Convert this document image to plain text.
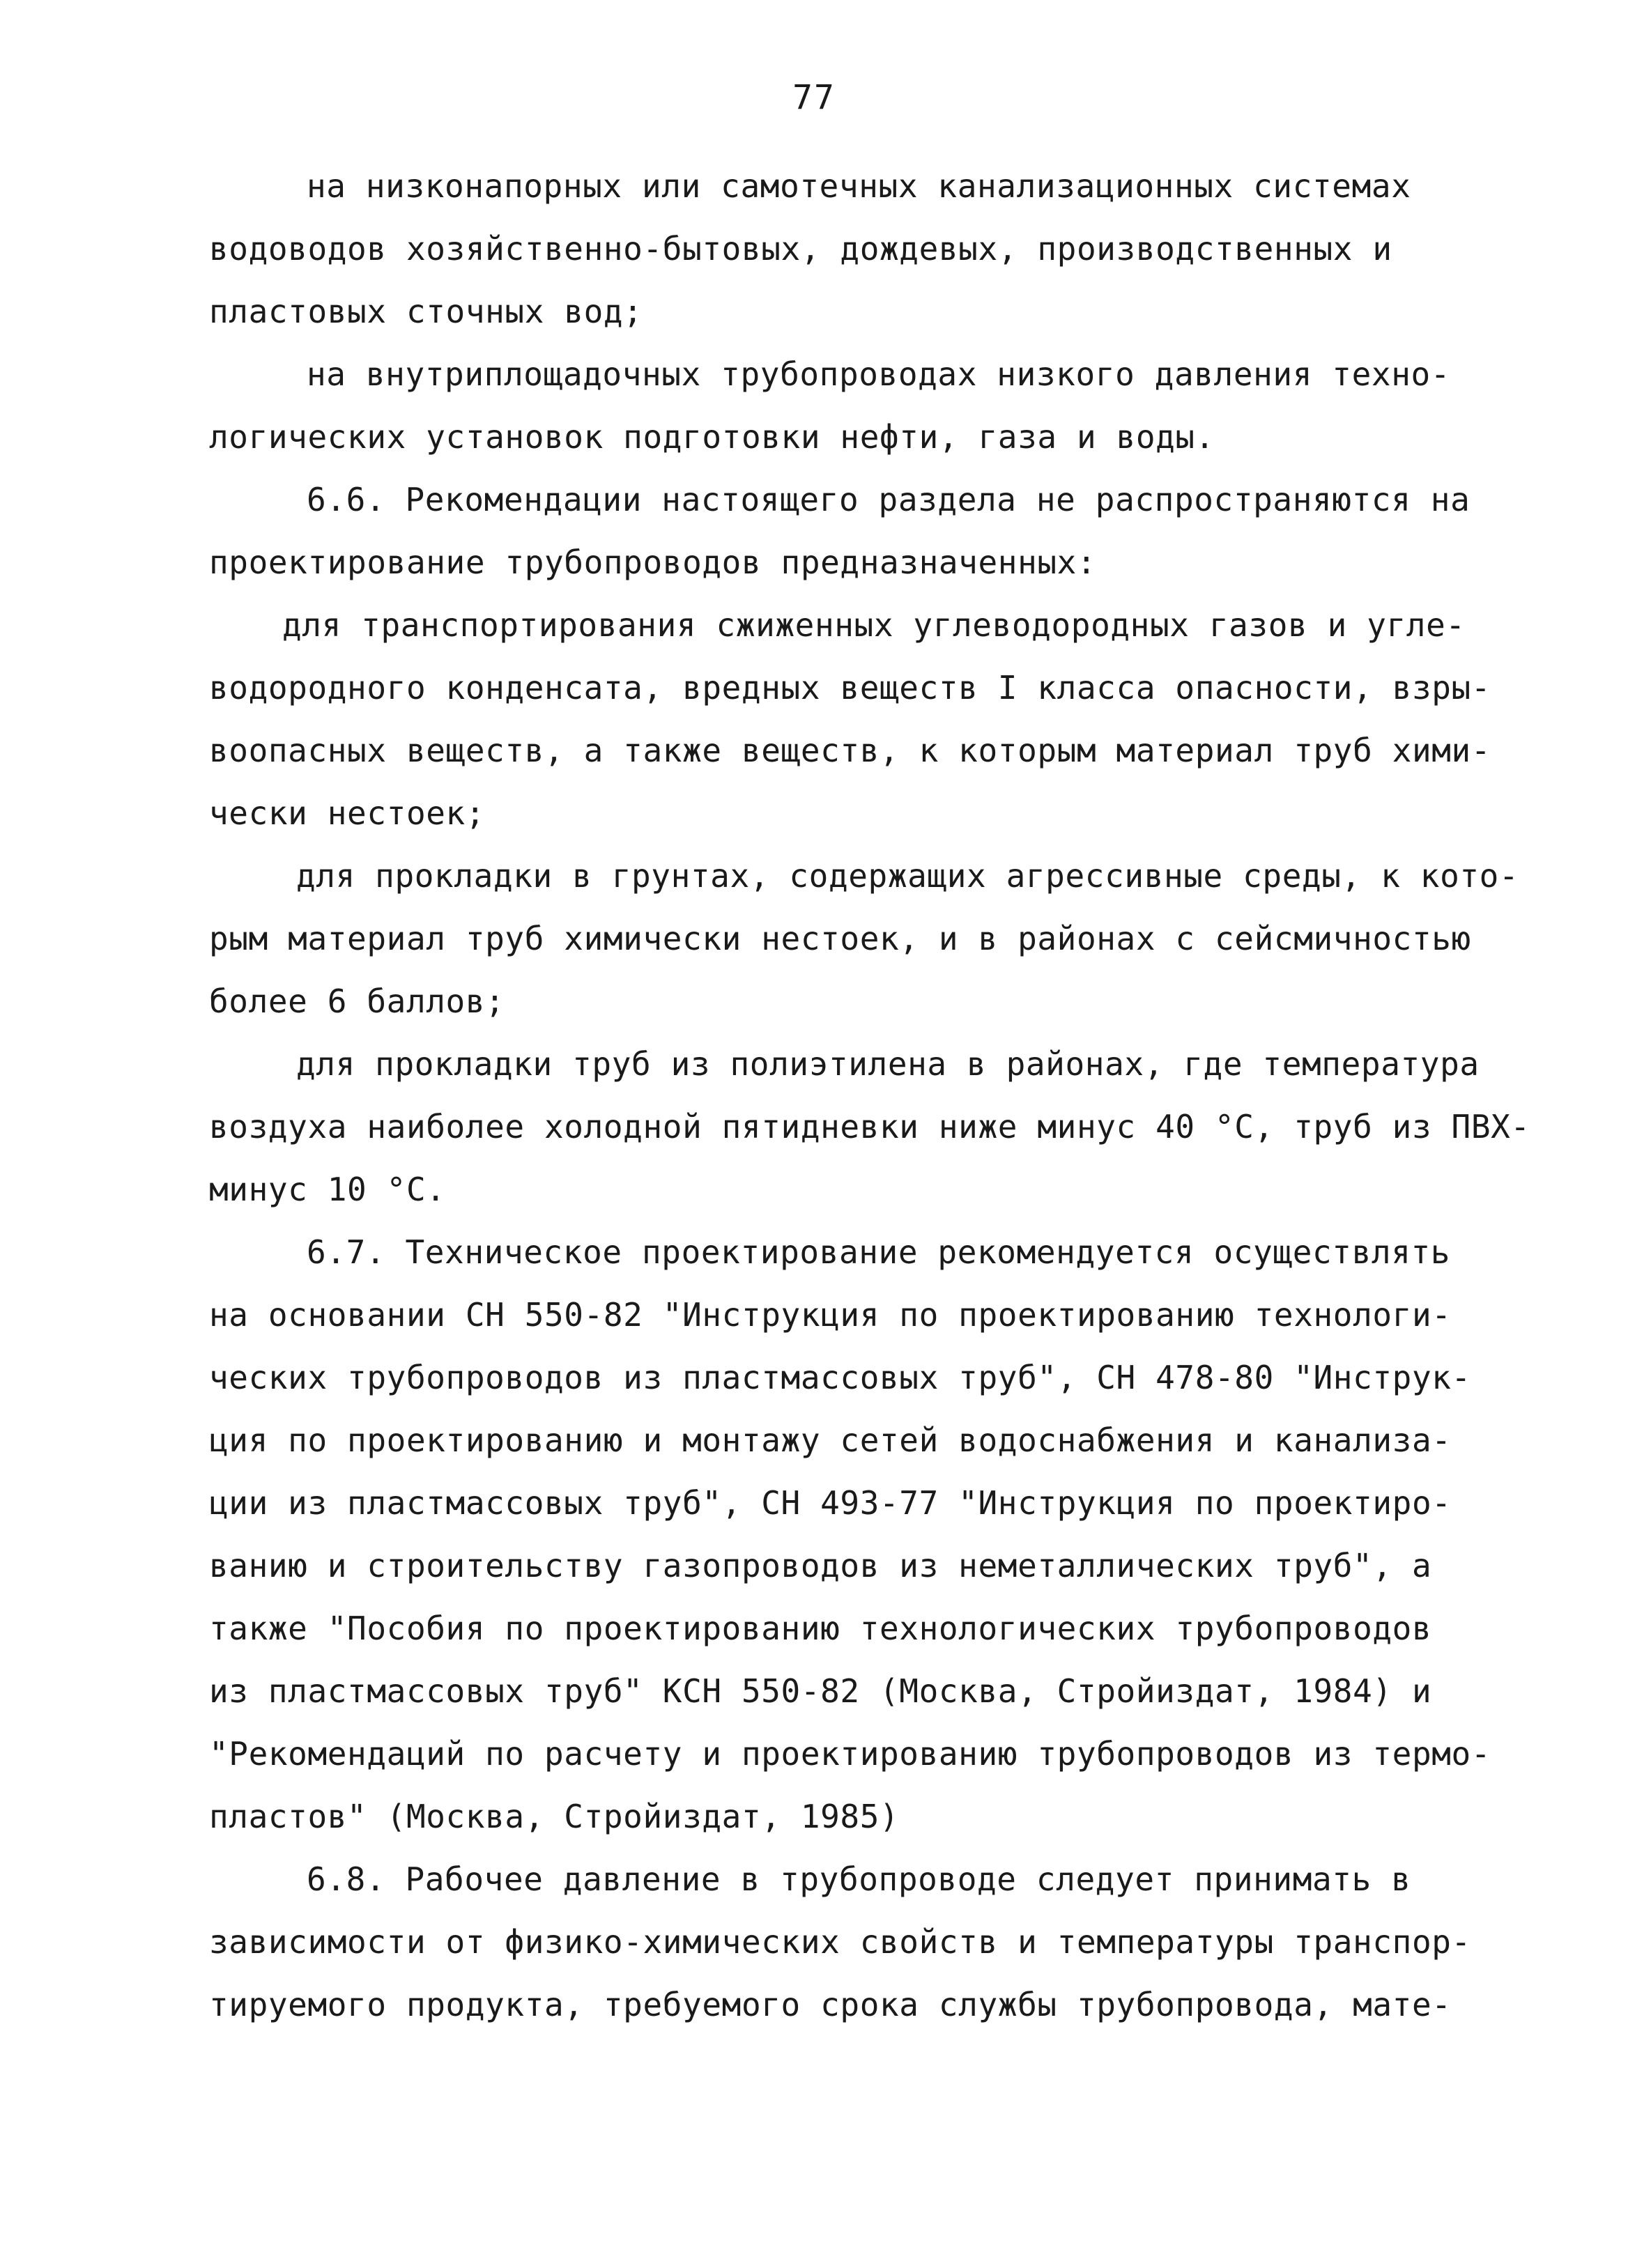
77
на низконапорных или самотечных канализационных системах
водоводов хозяйственно-бытовых, дождевых, производственных и
пластовых сточных вод;
на внутриплощадочных трубопроводах низкого давления техно-
логических установок подготовки нефти, газа и воды.
6.6. Рекомендации настоящего раздела не распространяются на
проектирование трубопроводов предназначенных:
для транспортирования сжиженных углеводородных газов и угле-
водородного конденсата, вредных веществ I класса опасности, взры-
воопасных веществ, а также веществ, к которым материал труб хими-
чески нестоек;
для прокладки в грунтах, содержащих агрессивные среды, к кото-
рым материал труб химически нестоек, и в районах с сейсмичностью
более 6 баллов;
для прокладки труб из полиэтилена в районах, где температура
воздуха наиболее холодной пятидневки ниже минус 40 °С, труб из ПВХ-
минус 10 °С.
6.7. Техническое проектирование рекомендуется осуществлять
на основании СН 550-82 "Инструкция по проектированию технологи-
ческих трубопроводов из пластмассовых труб", СН 478-80 "Инструк-
ция по проектированию и монтажу сетей водоснабжения и канализа-
ции из пластмассовых труб", СН 493-77 "Инструкция по проектиро-
ванию и строительству газопроводов из неметаллических труб", а
также "Пособия по проектированию технологических трубопроводов
из пластмассовых труб" КСН 550-82 (Москва, Стройиздат, 1984) и
"Рекомендаций по расчету и проектированию трубопроводов из термо-
пластов" (Москва, Стройиздат, 1985)
6.8. Рабочее давление в трубопроводе следует принимать в
зависимости от физико-химических свойств и температуры транспор-
тируемого продукта, требуемого срока службы трубопровода, мате-
